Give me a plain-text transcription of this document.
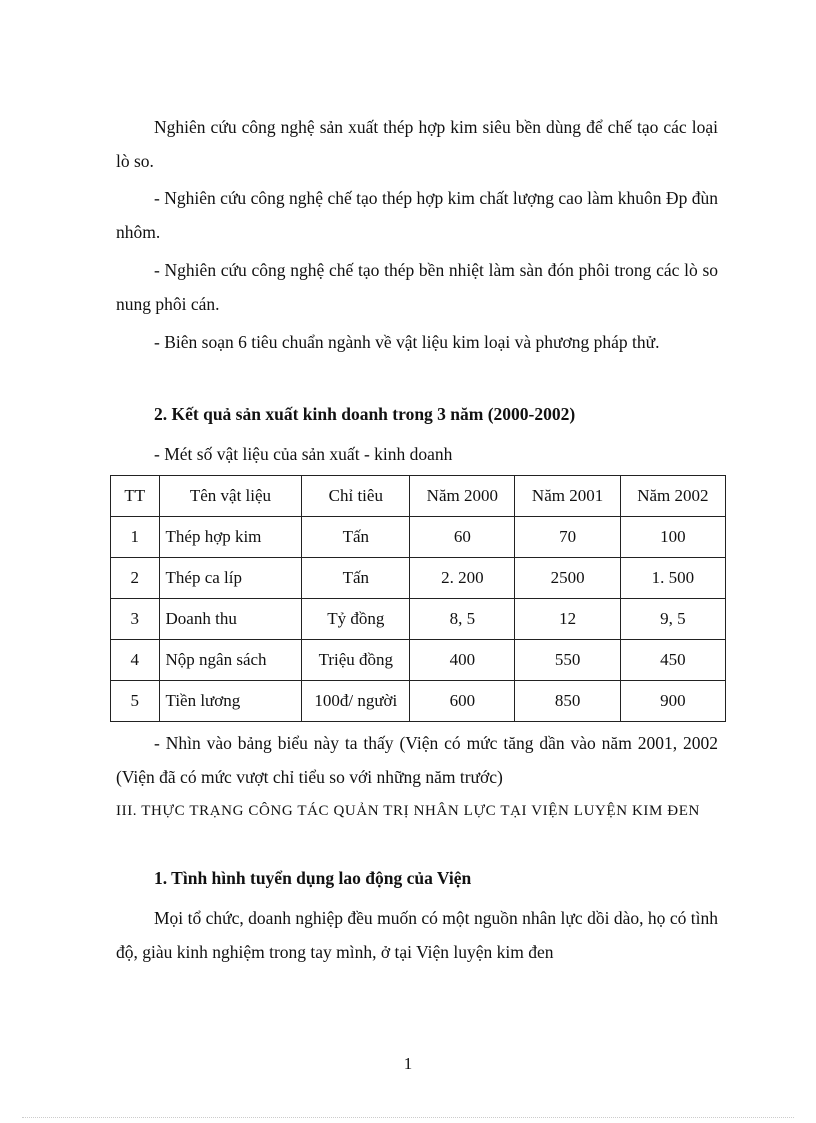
Nghiên cứu công nghệ sản xuất thép hợp kim siêu bền dùng để chế tạo các loại lò so.

- Nghiên cứu công nghệ chế tạo thép hợp kim chất lượng cao làm khuôn Đp đùn nhôm.

- Nghiên cứu công nghệ chế tạo thép bền nhiệt làm sàn đón phôi trong các lò so nung phôi cán.

- Biên soạn 6 tiêu chuẩn ngành về vật liệu kim loại và phương pháp thử.

2. Kết quả sản xuất kinh doanh trong 3 năm (2000-2002)

- Mét số vật liệu của sản xuất - kinh doanh

TT	Tên vật liệu	Chỉ tiêu	Năm 2000	Năm 2001	Năm 2002
1	Thép hợp kim	Tấn	60	70	100
2	Thép ca líp	Tấn	2. 200	2500	1. 500
3	Doanh thu	Tỷ đồng	8, 5	12	9, 5
4	Nộp ngân sách	Triệu đồng	400	550	450
5	Tiền lương	100đ/ người	600	850	900

- Nhìn vào bảng biểu này ta thấy (Viện có mức tăng dần vào năm 2001, 2002 (Viện đã có mức vượt chỉ tiểu so với những năm trước)

III. THỰC TRẠNG CÔNG TÁC QUẢN TRỊ NHÂN LỰC TẠI VIỆN LUYỆN KIM ĐEN

1. Tình hình tuyển dụng lao động của Viện

Mọi tổ chức, doanh nghiệp đều muốn có một nguồn nhân lực dồi dào, họ có tình độ, giàu kinh nghiệm trong tay mình, ở tại Viện luyện kim đen

1
